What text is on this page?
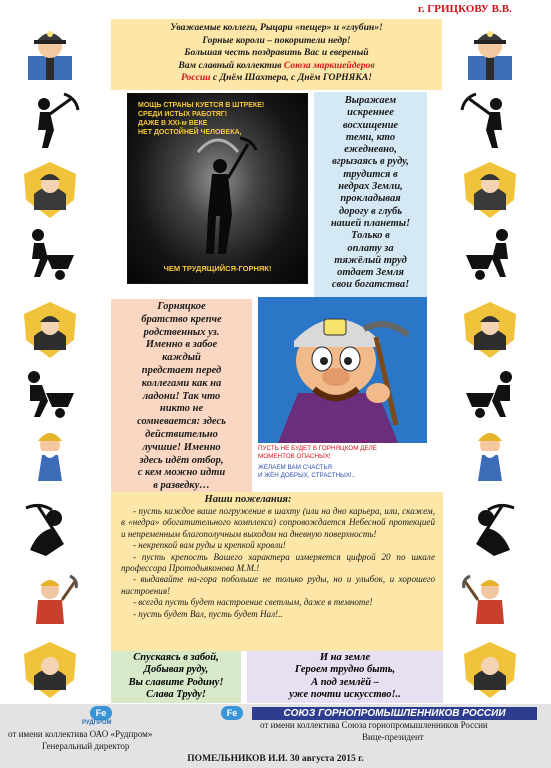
г. ГРИЦКОВУ В.В.
Уважаемые коллеги, Рыцари «пещер» и «глубин»!
Горные короли – покорители недр!
Большая честь поздравить Вас и евереный
Вам славный коллектив Союза маркшейдеров
России с Днём Шахтера, с Днём ГОРНЯКА!
МОЩЬ СТРАНЫ КУЕТСЯ В ШТРЕКЕ!
СРЕДИ ИСТЫХ РАБОТЯГ!
ДАЖЕ В XXI-м ВЕКЕ
НЕТ ДОСТОЙНЕЙ ЧЕЛОВЕКА,
ЧЕМ ТРУДЯЩИЙСЯ-ГОРНЯК!
Выражаем
искреннее
восхищение
теми, кто
ежедневно,
вгрызаясь в руду,
трудится в
недрах Земли,
прокладывая
дорогу в глубь
нашей планеты!
Только в
оплату за
тяжёлый труд
отдает Земля
свои богатства!
Горняцкое
братство крепче
родственных уз.
Именно в забое
каждый
предстает перед
коллегами как на
ладони! Так что
никто не
сомневается: здесь
действительно
лучшие! Именно
здесь идёт отбор,
с кем можно идти
в разведку…
ПУСТЬ НЕ БУДЕТ В ГОРНЯЦКОМ ДЕЛЕ
МОМЕНТОВ ОПАСНЫХ!
ЖЕЛАЕМ ВАМ СЧАСТЬЯ
И ЖЁН ДОБРЫХ, СТРАСТНЫХ!..
Наши пожелания:
- пусть каждое ваше погружение в шахту (или на дно карьера, или, скажем, в «недра» обогатительного комплекса) сопровождается Небесной протекцией и непременным благополучным выходом на дневную поверхность!
- некрепкой вам руды и крепкой кровли!
- пусть крепость Вашего характера измеряется цифрой 20 по шкале профессора Протодьяконова М.М.!
- выдавайте на-гора побольше не только руды, но и улыбок, и хорошего настроения!
- всегда пусть будет настроение светлым, даже в темноте!
- пусть будет Вал, пусть будет Нал!..
Спускаясь в забой,
Добывая руду,
Вы славите Родину!
Слава Труду!
И на земле
Героем трудно быть,
А под землёй –
уже почти искусство!..
Fe
РУДПРОМ
Fe	СОЮЗ ГОРНОПРОМЫШЛЕННИКОВ РОССИИ
от имени коллектива ОАО «Рудпром»
Генеральный директор
от имени коллектива Союза горнопромышленников России
Вице-президент
ПОМЕЛЬНИКОВ И.И. 30 августа 2015 г.
